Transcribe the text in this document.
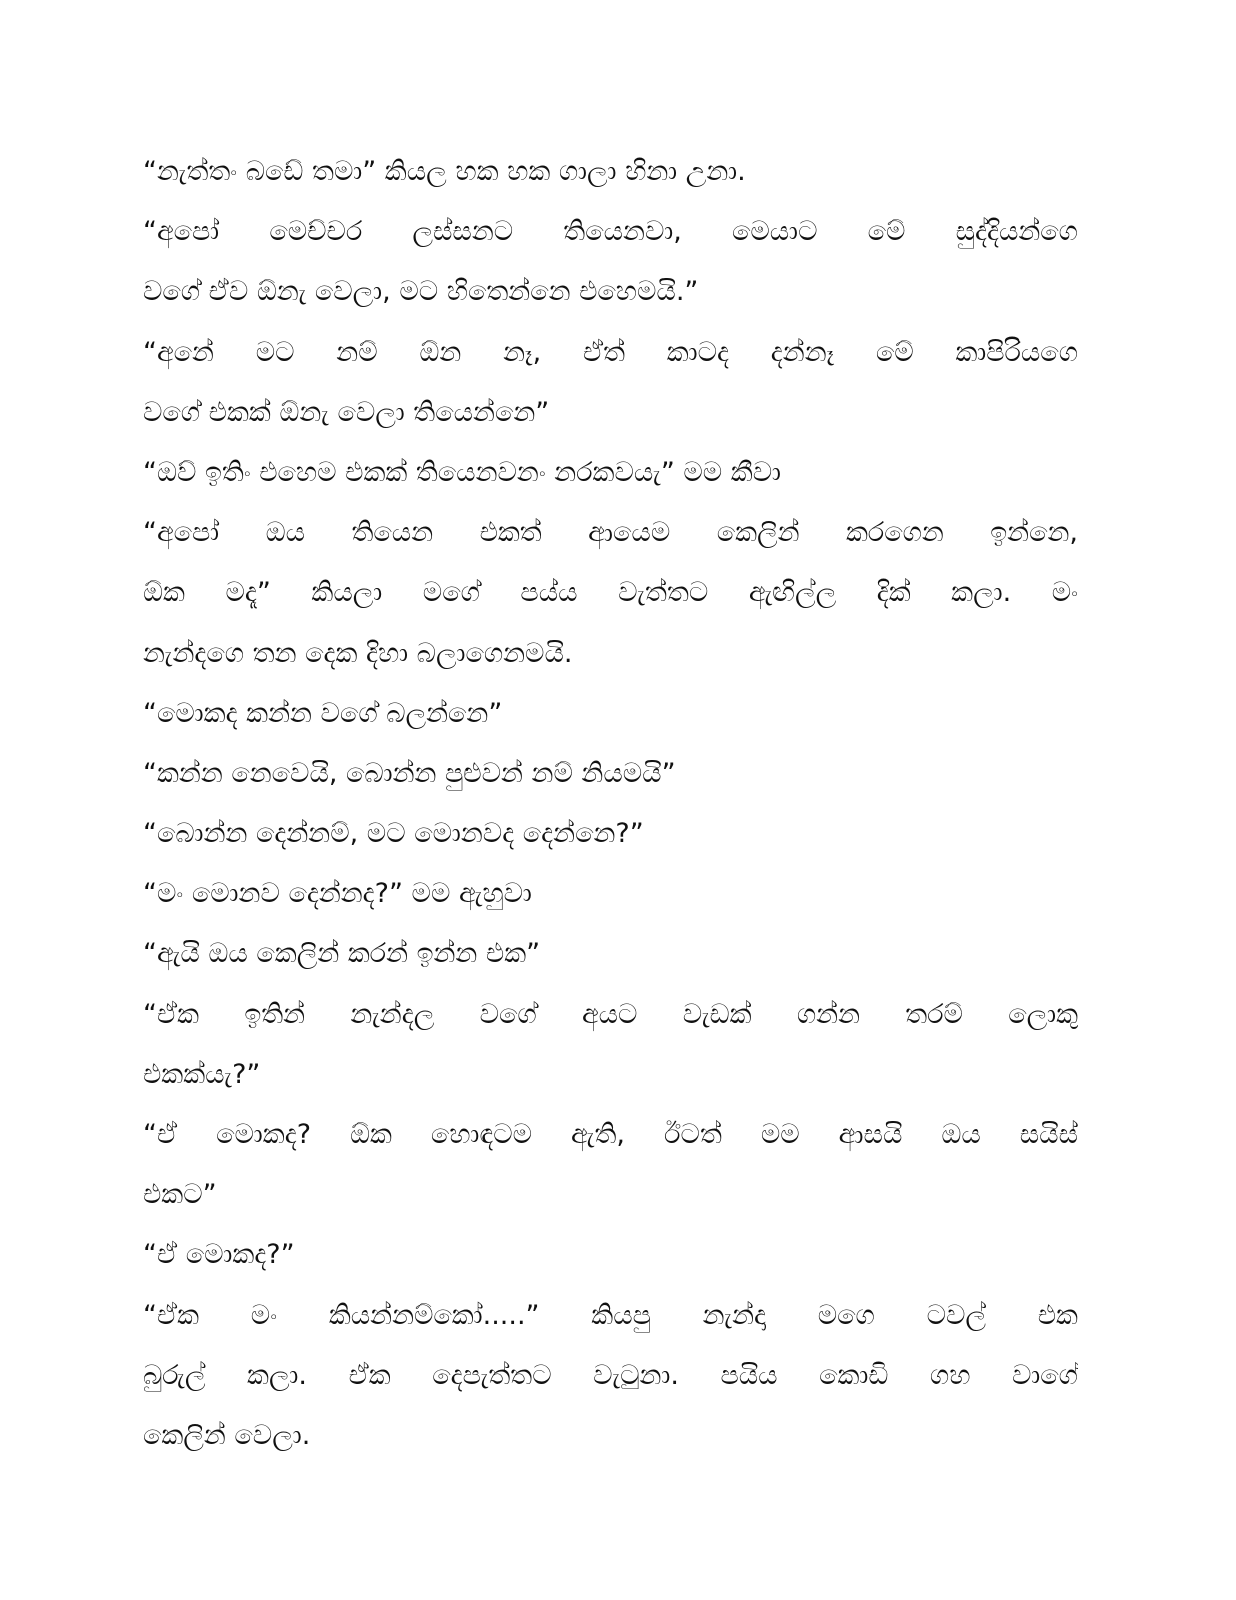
“නැත්තං බඩේ තමා” කියල හක හක ගාලා හිනා උනා.
“අපෝ මෙච්චර ලස්සනට තියෙනවා, මෙයාට මේ සුද්දියන්ගෙ
වගේ ඒව ඕනැ වෙලා, මට හිතෙන්නෙ එහෙමයි.”
“අනේ මට නම් ඕන නෑ, ඒත් කාටද දන්නෑ මේ කාපිරියගෙ
වගේ එකක් ඕනැ වෙලා තියෙන්නෙ”
“ඔව් ඉතිං එහෙම එකක් තියෙනවනං නරකවයැ” මම කීවා
“අපෝ ඔය තියෙන එකත් ආයෙම කෙලින් කරගෙන ඉන්නෙ,
ඕක මදෑ” කියලා මගේ පය්ය වැත්තට ඇඟිල්ල දික් කලා. මං
නැන්දගෙ තන දෙක දිහා බලාගෙනමයි.
“මොකද කන්න වගේ බලන්නෙ”
“කන්න නෙවෙයි, බොන්න පුළුවන් නම් නියමයි”
“බොන්න දෙන්නම්, මට මොනවද දෙන්නෙ?”
“මං මොනව දෙන්නද?” මම ඇහුවා
“ඇයි ඔය කෙලින් කරන් ඉන්න එක”
“ඒක ඉතින් නැන්දල වගේ අයට වැඩක් ගන්න තරම් ලොකු
එකක්යැ?”
“ඒ මොකද? ඕක හොඳටම ඇති, ඊටත් මම ආසයි ඔය සයිස්
එකට”
“ඒ මොකද?”
“ඒක මං කියන්නම්කෝ.....” කියපු නැන්දා මගෙ ටවල් එක
බුරුල් කලා. ඒක දෙපැත්තට වැටුනා. පයිය කොඩි ගහ වාගේ
කෙලින් වෙලා.
